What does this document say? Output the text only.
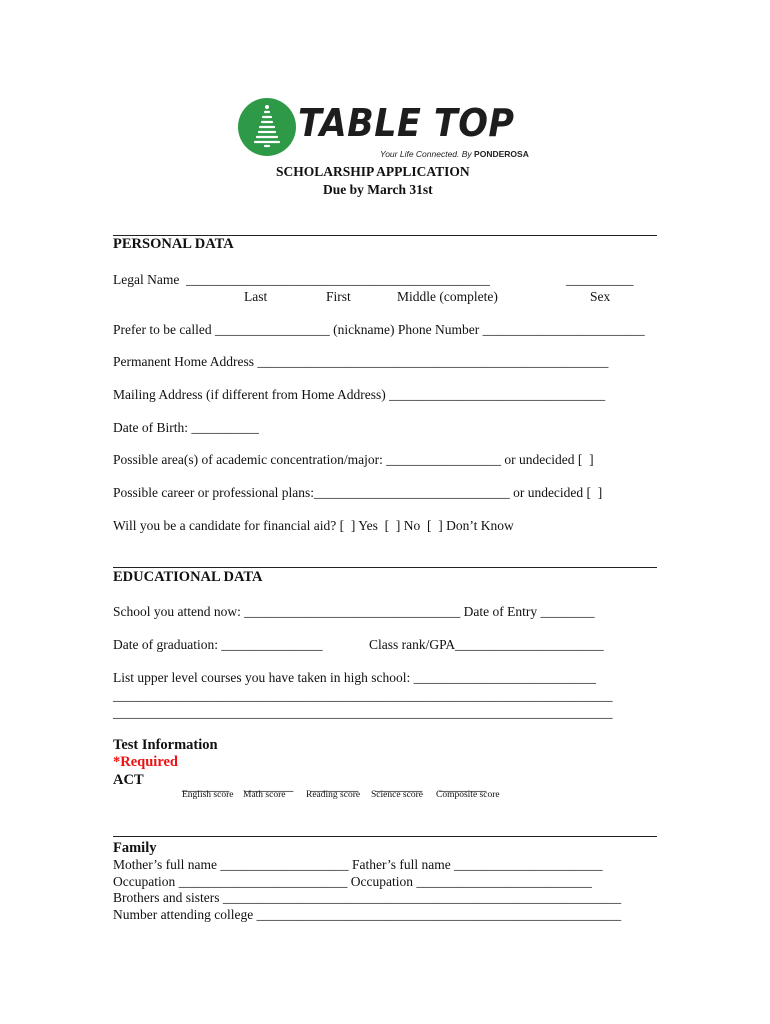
TABLE TOP
Your Life Connected. By PONDEROSA
SCHOLARSHIP APPLICATION
Due by March 31st
PERSONAL DATA
Legal Name  _____________________________________________	__________
Last	First	Middle (complete)	Sex
Prefer to be called _________________ (nickname) Phone Number ________________________
Permanent Home Address ____________________________________________________
Mailing Address (if different from Home Address) ________________________________
Date of Birth: __________
Possible area(s) of academic concentration/major: _________________ or undecided [  ]
Possible career or professional plans:_____________________________ or undecided [  ]
Will you be a candidate for financial aid? [  ] Yes  [  ] No  [  ] Don’t Know
EDUCATIONAL DATA
School you attend now: ________________________________ Date of Entry ________
Date of graduation: _______________	Class rank/GPA______________________
List upper level courses you have taken in high school: ___________________________
__________________________________________________________________________
__________________________________________________________________________
Test Information
*Required
ACT	_______ _______ _______ _______ _______
English score Math score Reading score Science score Composite score
Family
Mother’s full name ___________________ Father’s full name ______________________
Occupation _________________________ Occupation __________________________
Brothers and sisters ___________________________________________________________
Number attending college ______________________________________________________
